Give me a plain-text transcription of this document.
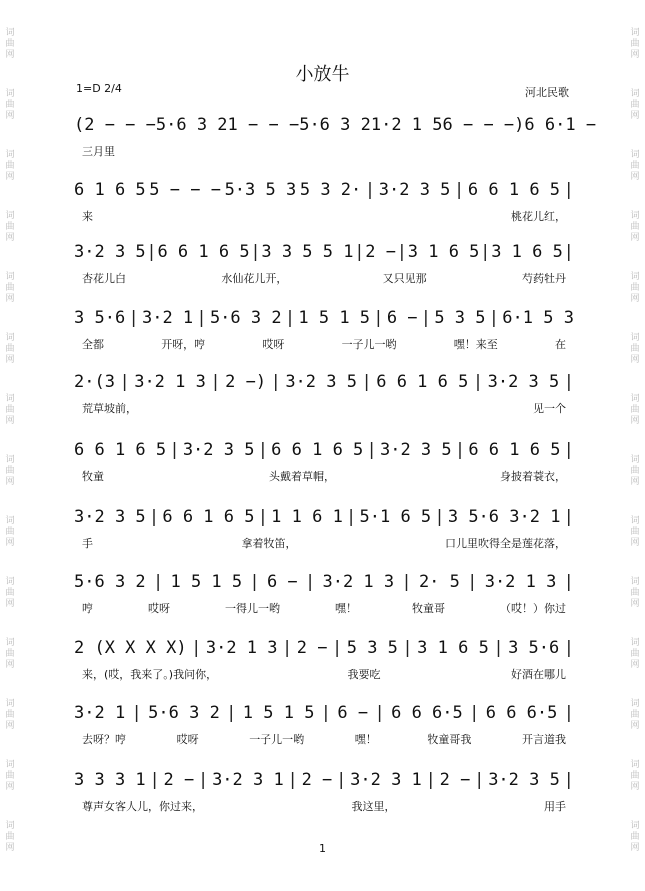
词
曲
网
词
曲
网
词
曲
网
词
曲
网
词
曲
网
词
曲
网
词
曲
网
词
曲
网
词
曲
网
词
曲
网
词
曲
网
词
曲
网
词
曲
网
词
曲
网
词
曲
网
词
曲
网
词
曲
网
词
曲
网
词
曲
网
词
曲
网
词
曲
网
词
曲
网
词
曲
网
词
曲
网
词
曲
网
词
曲
网
词
曲
网
词
曲
网
小放牛
1=D 2/4	河北民歌
(2 − − − 5·6 3 2 1 − − − 5·6 3 2 1·2 1 5 6 − − −) 6 6·1 −
三月里
6 1 6 5 5 − − − 5·3 5 3 5 3 2· | 3·2 3 5 | 6 6 1 6 5 |
来	桃花儿红，
3·2 3 5 | 6 6 1 6 5 | 3 3 5 5 1 | 2 − | 3 1 6 5 | 3 1 6 5 |
杏花儿白	水仙花儿开，	又只见那	芍药牡丹
3 5·6 | 3·2 1 | 5·6 3 2 | 1 5 1 5 | 6 − | 5 3 5 | 6·1 5 3
全都	开呀，哼	哎呀	一子儿一哟	嘿！来至	在
2·(3 | 3·2 1 3 | 2 −) | 3·2 3 5 | 6 6 1 6 5 | 3·2 3 5 |
荒草坡前，	见一个
6 6 1 6 5 | 3·2 3 5 | 6 6 1 6 5 | 3·2 3 5 | 6 6 1 6 5 |
牧童	头戴着草帽，	身披着蓑衣，
3·2 3 5 | 6 6 1 6 5 | 1 1 6 1 | 5·1 6 5 | 3 5·6 3·2 1 |
手	拿着牧笛，	口儿里吹得全是莲花落，
5·6 3 2 | 1 5 1 5 | 6 − | 3·2 1 3 | 2· 5 | 3·2 1 3 |
哼	哎呀	一得儿一哟	嘿！	牧童哥	（哎！）你过
2 (X X X X) | 3·2 1 3 | 2 − | 5 3 5 | 3 1 6 5 | 3 5·6 |
来，(哎，我来了。)我问你，	我要吃	好酒在哪儿
3·2 1 | 5·6 3 2 | 1 5 1 5 | 6 − | 6 6 6·5 | 6 6 6·5 |
去呀？哼	哎呀	一子儿一哟	嘿！	牧童哥我	开言道我
3 3 3 1 | 2 − | 3·2 3 1 | 2 − | 3·2 3 1 | 2 − | 3·2 3 5 |
尊声女客人儿，你过来，	我这里，	用手
1
